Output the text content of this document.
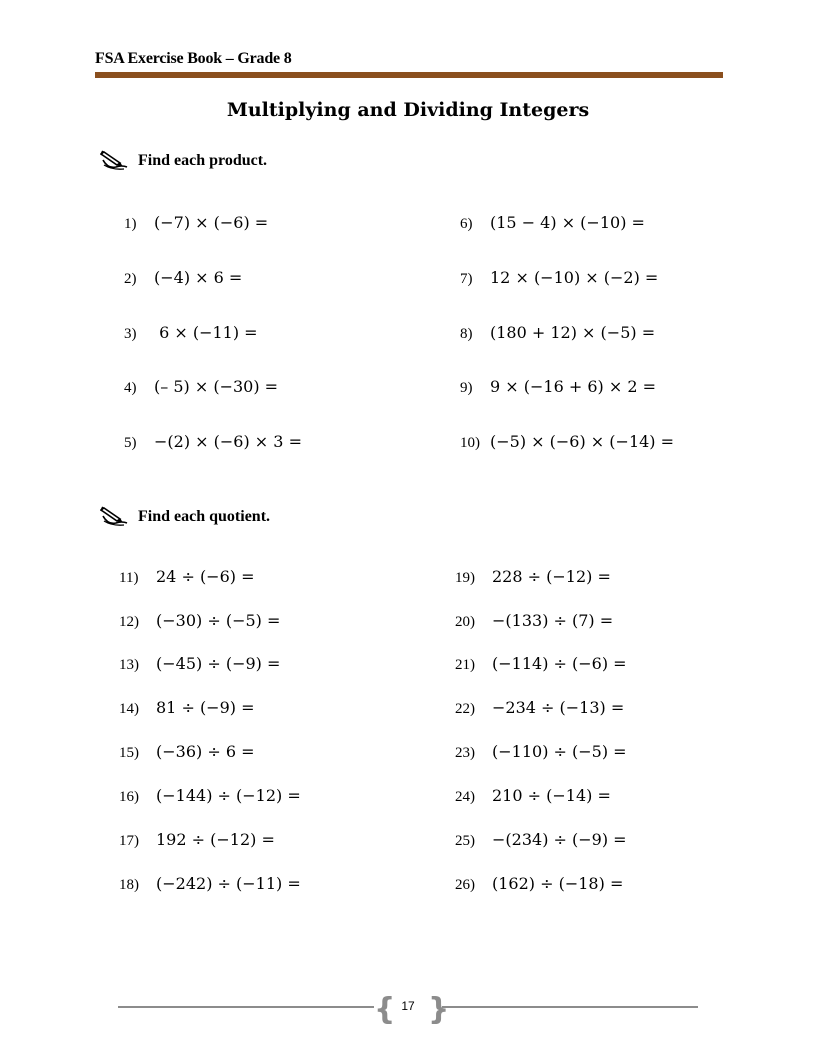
FSA Exercise Book – Grade 8
Multiplying and Dividing Integers
Find each product.
1) (−7) × (−6) =
2) (−4) × 6 =
3) 6 × (−11) =
4) (– 5) × (−30) =
5) −(2) × (−6) × 3 =
6) (15 − 4) × (−10) =
7) 12 × (−10) × (−2) =
8) (180 + 12) × (−5) =
9) 9 × (−16 + 6) × 2 =
10) (−5) × (−6) × (−14) =
Find each quotient.
11) 24 ÷ (−6) =
12) (−30) ÷ (−5) =
13) (−45) ÷ (−9) =
14) 81 ÷ (−9) =
15) (−36) ÷ 6 =
16) (−144) ÷ (−12) =
17) 192 ÷ (−12) =
18) (−242) ÷ (−11) =
19) 228 ÷ (−12) =
20) −(133) ÷ (7) =
21) (−114) ÷ (−6) =
22) −234 ÷ (−13) =
23) (−110) ÷ (−5) =
24) 210 ÷ (−14) =
25) −(234) ÷ (−9) =
26) (162) ÷ (−18) =
{ }
17
